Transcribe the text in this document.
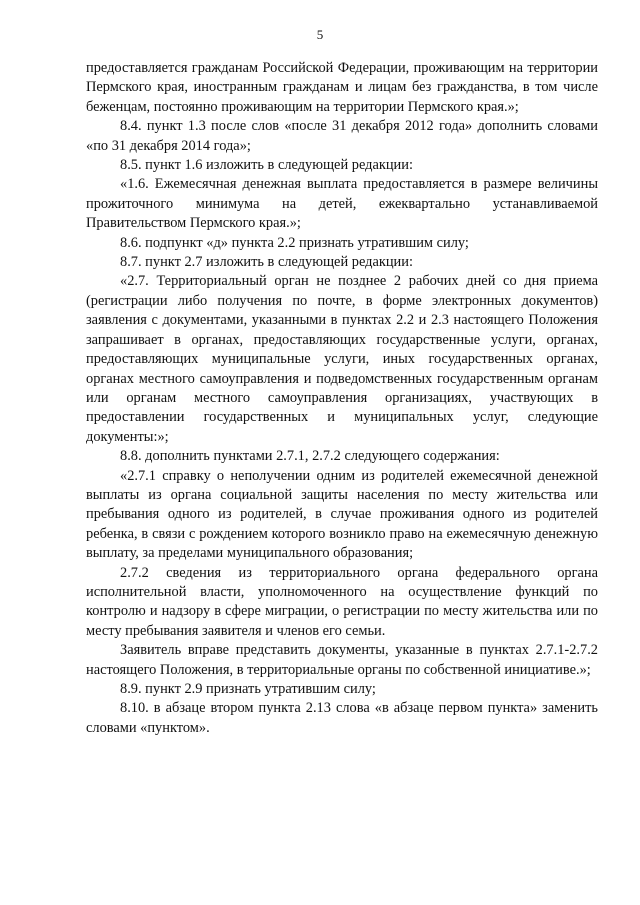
5

предоставляется гражданам Российской Федерации, проживающим на территории Пермского края, иностранным гражданам и лицам без гражданства, в том числе беженцам, постоянно проживающим на территории Пермского края.»;

8.4. пункт 1.3 после слов «после 31 декабря 2012 года» дополнить словами «по 31 декабря 2014 года»;

8.5. пункт 1.6 изложить в следующей редакции:

«1.6. Ежемесячная денежная выплата предоставляется в размере величины прожиточного минимума на детей, ежеквартально устанавливаемой Правительством Пермского края.»;

8.6. подпункт «д» пункта 2.2 признать утратившим силу;

8.7. пункт 2.7 изложить в следующей редакции:

«2.7. Территориальный орган не позднее 2 рабочих дней со дня приема (регистрации либо получения по почте, в форме электронных документов) заявления с документами, указанными в пунктах 2.2 и 2.3 настоящего Положения запрашивает в органах, предоставляющих государственные услуги, органах, предоставляющих муниципальные услуги, иных государственных органах, органах местного самоуправления и подведомственных государственным органам или органам местного самоуправления организациях, участвующих в предоставлении государственных и муниципальных услуг, следующие документы:»;

8.8. дополнить пунктами 2.7.1, 2.7.2 следующего содержания:

«2.7.1 справку о неполучении одним из родителей ежемесячной денежной выплаты из органа социальной защиты населения по месту жительства или пребывания одного из родителей, в случае проживания одного из родителей ребенка, в связи с рождением которого возникло право на ежемесячную денежную выплату, за пределами муниципального образования;

2.7.2 сведения из территориального органа федерального органа исполнительной власти, уполномоченного на осуществление функций по контролю и надзору в сфере миграции, о регистрации по месту жительства или по месту пребывания заявителя и членов его семьи.

Заявитель вправе представить документы, указанные в пунктах 2.7.1-2.7.2 настоящего Положения, в территориальные органы по собственной инициативе.»;

8.9. пункт 2.9 признать утратившим силу;

8.10. в абзаце втором пункта 2.13 слова «в абзаце первом пункта» заменить словами «пунктом».
